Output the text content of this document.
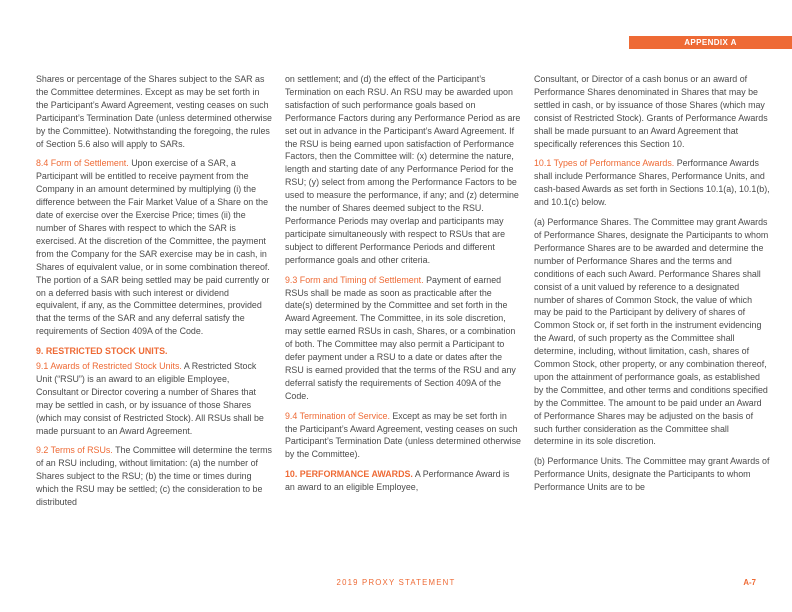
APPENDIX A

Shares or percentage of the Shares subject to the SAR as the Committee determines. Except as may be set forth in the Participant’s Award Agreement, vesting ceases on such Participant’s Termination Date (unless determined otherwise by the Committee). Notwithstanding the foregoing, the rules of Section 5.6 also will apply to SARs.

8.4 Form of Settlement. Upon exercise of a SAR, a Participant will be entitled to receive payment from the Company in an amount determined by multiplying (i) the difference between the Fair Market Value of a Share on the date of exercise over the Exercise Price; times (ii) the number of Shares with respect to which the SAR is exercised. At the discretion of the Committee, the payment from the Company for the SAR exercise may be in cash, in Shares of equivalent value, or in some combination thereof. The portion of a SAR being settled may be paid currently or on a deferred basis with such interest or dividend equivalent, if any, as the Committee determines, provided that the terms of the SAR and any deferral satisfy the requirements of Section 409A of the Code.

9. RESTRICTED STOCK UNITS.
9.1 Awards of Restricted Stock Units. A Restricted Stock Unit (“RSU”) is an award to an eligible Employee, Consultant or Director covering a number of Shares that may be settled in cash, or by issuance of those Shares (which may consist of Restricted Stock). All RSUs shall be made pursuant to an Award Agreement.

9.2 Terms of RSUs. The Committee will determine the terms of an RSU including, without limitation: (a) the number of Shares subject to the RSU; (b) the time or times during which the RSU may be settled; (c) the consideration to be distributed

on settlement; and (d) the effect of the Participant’s Termination on each RSU. An RSU may be awarded upon satisfaction of such performance goals based on Performance Factors during any Performance Period as are set out in advance in the Participant’s Award Agreement. If the RSU is being earned upon satisfaction of Performance Factors, then the Committee will: (x) determine the nature, length and starting date of any Performance Period for the RSU; (y) select from among the Performance Factors to be used to measure the performance, if any; and (z) determine the number of Shares deemed subject to the RSU. Performance Periods may overlap and participants may participate simultaneously with respect to RSUs that are subject to different Performance Periods and different performance goals and other criteria.

9.3 Form and Timing of Settlement. Payment of earned RSUs shall be made as soon as practicable after the date(s) determined by the Committee and set forth in the Award Agreement. The Committee, in its sole discretion, may settle earned RSUs in cash, Shares, or a combination of both. The Committee may also permit a Participant to defer payment under a RSU to a date or dates after the RSU is earned provided that the terms of the RSU and any deferral satisfy the requirements of Section 409A of the Code.

9.4 Termination of Service. Except as may be set forth in the Participant’s Award Agreement, vesting ceases on such Participant’s Termination Date (unless determined otherwise by the Committee).

10. PERFORMANCE AWARDS. A Performance Award is an award to an eligible Employee,

Consultant, or Director of a cash bonus or an award of Performance Shares denominated in Shares that may be settled in cash, or by issuance of those Shares (which may consist of Restricted Stock). Grants of Performance Awards shall be made pursuant to an Award Agreement that specifically references this Section 10.

10.1 Types of Performance Awards. Performance Awards shall include Performance Shares, Performance Units, and cash-based Awards as set forth in Sections 10.1(a), 10.1(b), and 10.1(c) below.

(a) Performance Shares. The Committee may grant Awards of Performance Shares, designate the Participants to whom Performance Shares are to be awarded and determine the number of Performance Shares and the terms and conditions of each such Award. Performance Shares shall consist of a unit valued by reference to a designated number of shares of Common Stock, the value of which may be paid to the Participant by delivery of shares of Common Stock or, if set forth in the instrument evidencing the Award, of such property as the Committee shall determine, including, without limitation, cash, shares of Common Stock, other property, or any combination thereof, upon the attainment of performance goals, as established by the Committee, and other terms and conditions specified by the Committee. The amount to be paid under an Award of Performance Shares may be adjusted on the basis of such further consideration as the Committee shall determine in its sole discretion.

(b) Performance Units. The Committee may grant Awards of Performance Units, designate the Participants to whom Performance Units are to be

2019 PROXY STATEMENT	A-7
